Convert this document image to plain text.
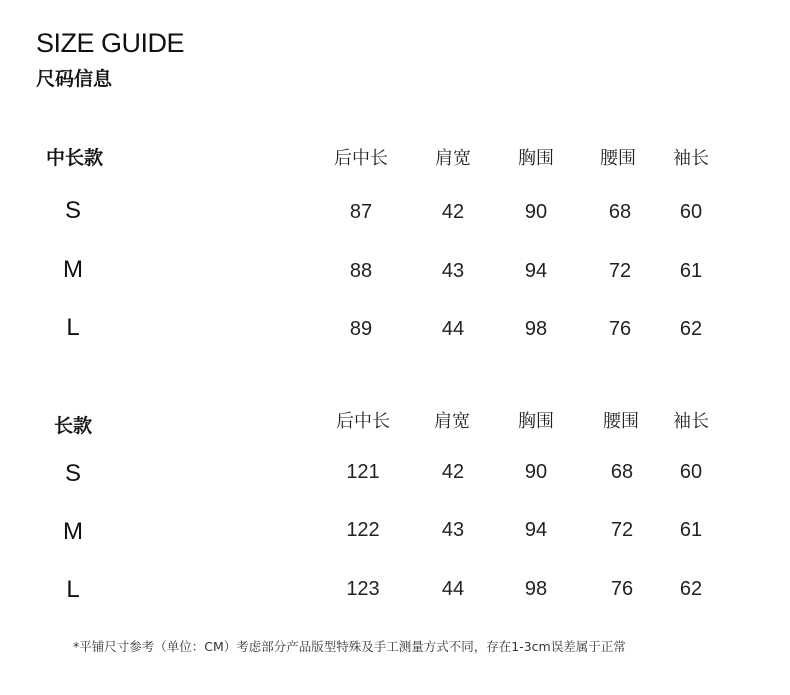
SIZE GUIDE
尺码信息
中长款	后中长	肩宽	胸围	腰围 袖长
S	87	42	90	68 60
M	88	43	94	72 61
L	89	44	98	76 62
长款	后中长 肩宽	胸围	腰围 袖长
S	121	42	90	68 60
M	122	43	94	72 61
L	123	44	98	76 62
*平铺尺寸参考（单位：CM）考虑部分产品版型特殊及手工测量方式不同，存在1-3cm误差属于正常
